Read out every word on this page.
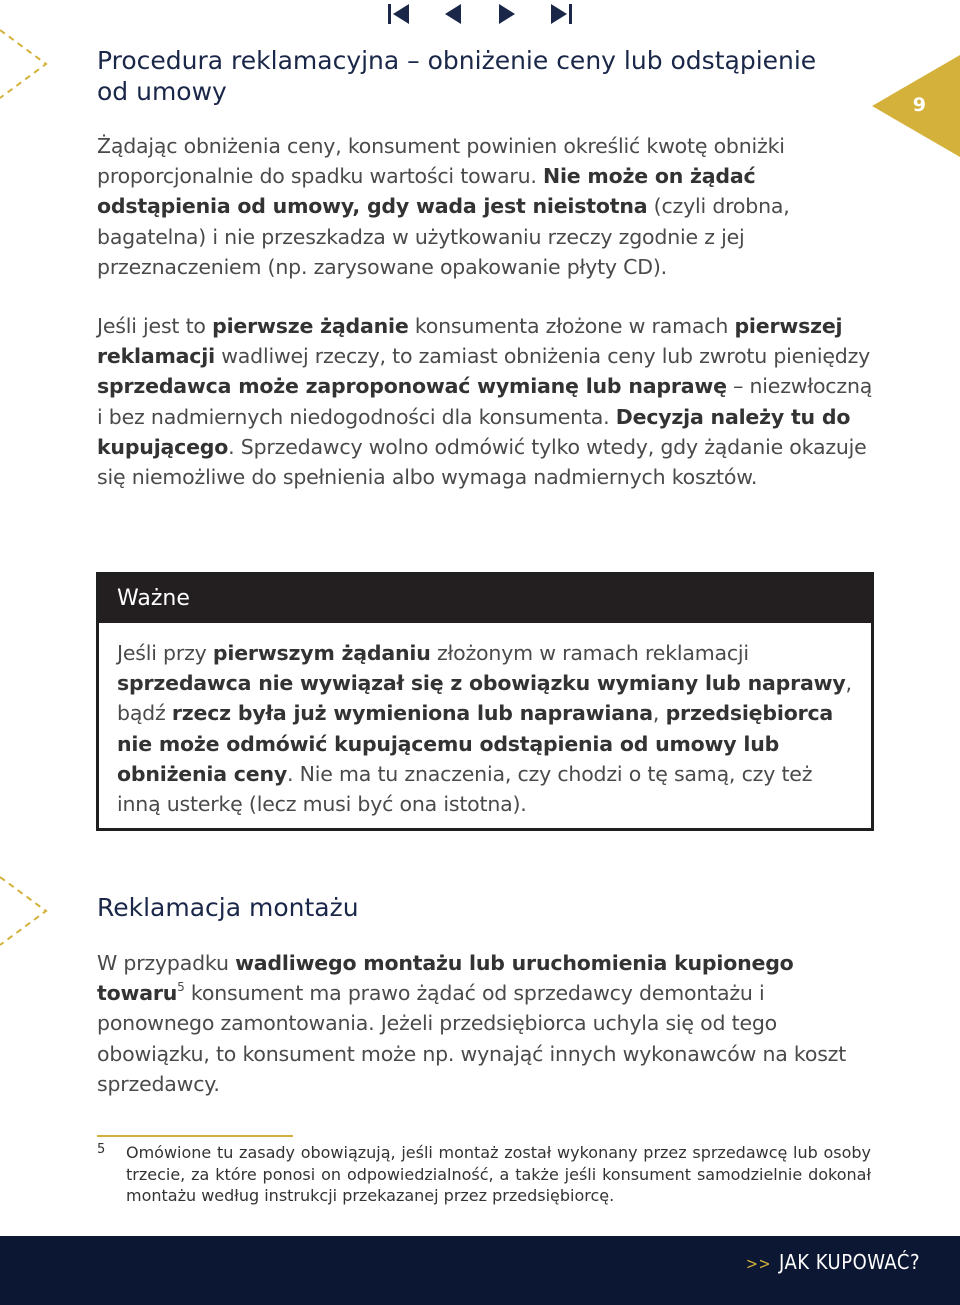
9
Procedura reklamacyjna – obniżenie ceny lub odstąpienie od umowy

Żądając obniżenia ceny, konsument powinien określić kwotę obniżki proporcjonalnie do spadku wartości towaru. Nie może on żądać odstąpienia od umowy, gdy wada jest nieistotna (czyli drobna, bagatelna) i nie przeszkadza w użytkowaniu rzeczy zgodnie z jej przeznaczeniem (np. zarysowane opakowanie płyty CD).

Jeśli jest to pierwsze żądanie konsumenta złożone w ramach pierwszej reklamacji wadliwej rzeczy, to zamiast obniżenia ceny lub zwrotu pieniędzy sprzedawca może zaproponować wymianę lub naprawę – niezwłoczną i bez nadmiernych niedogodności dla konsumenta. Decyzja należy tu do kupującego. Sprzedawcy wolno odmówić tylko wtedy, gdy żądanie okazuje się niemożliwe do spełnienia albo wymaga nadmiernych kosztów.

Ważne
Jeśli przy pierwszym żądaniu złożonym w ramach reklamacji sprzedawca nie wywiązał się z obowiązku wymiany lub naprawy, bądź rzecz była już wymieniona lub naprawiana, przedsiębiorca nie może odmówić kupującemu odstąpienia od umowy lub obniżenia ceny. Nie ma tu znaczenia, czy chodzi o tę samą, czy też inną usterkę (lecz musi być ona istotna).
Reklamacja montażu

W przypadku wadliwego montażu lub uruchomienia kupionego towaru$^5$ konsument ma prawo żądać od sprzedawcy demontażu i ponownego zamontowania. Jeżeli przedsiębiorca uchyla się od tego obowiązku, to konsument może np. wynająć innych wykonawców na koszt sprzedawcy.

5 Omówione tu zasady obowiązują, jeśli montaż został wykonany przez sprzedawcę lub osoby trzecie, za które ponosi on odpowiedzialność, a także jeśli konsument samodzielnie dokonał montażu według instrukcji przekazanej przez przedsiębiorcę.

>> JAK KUPOWAĆ?
